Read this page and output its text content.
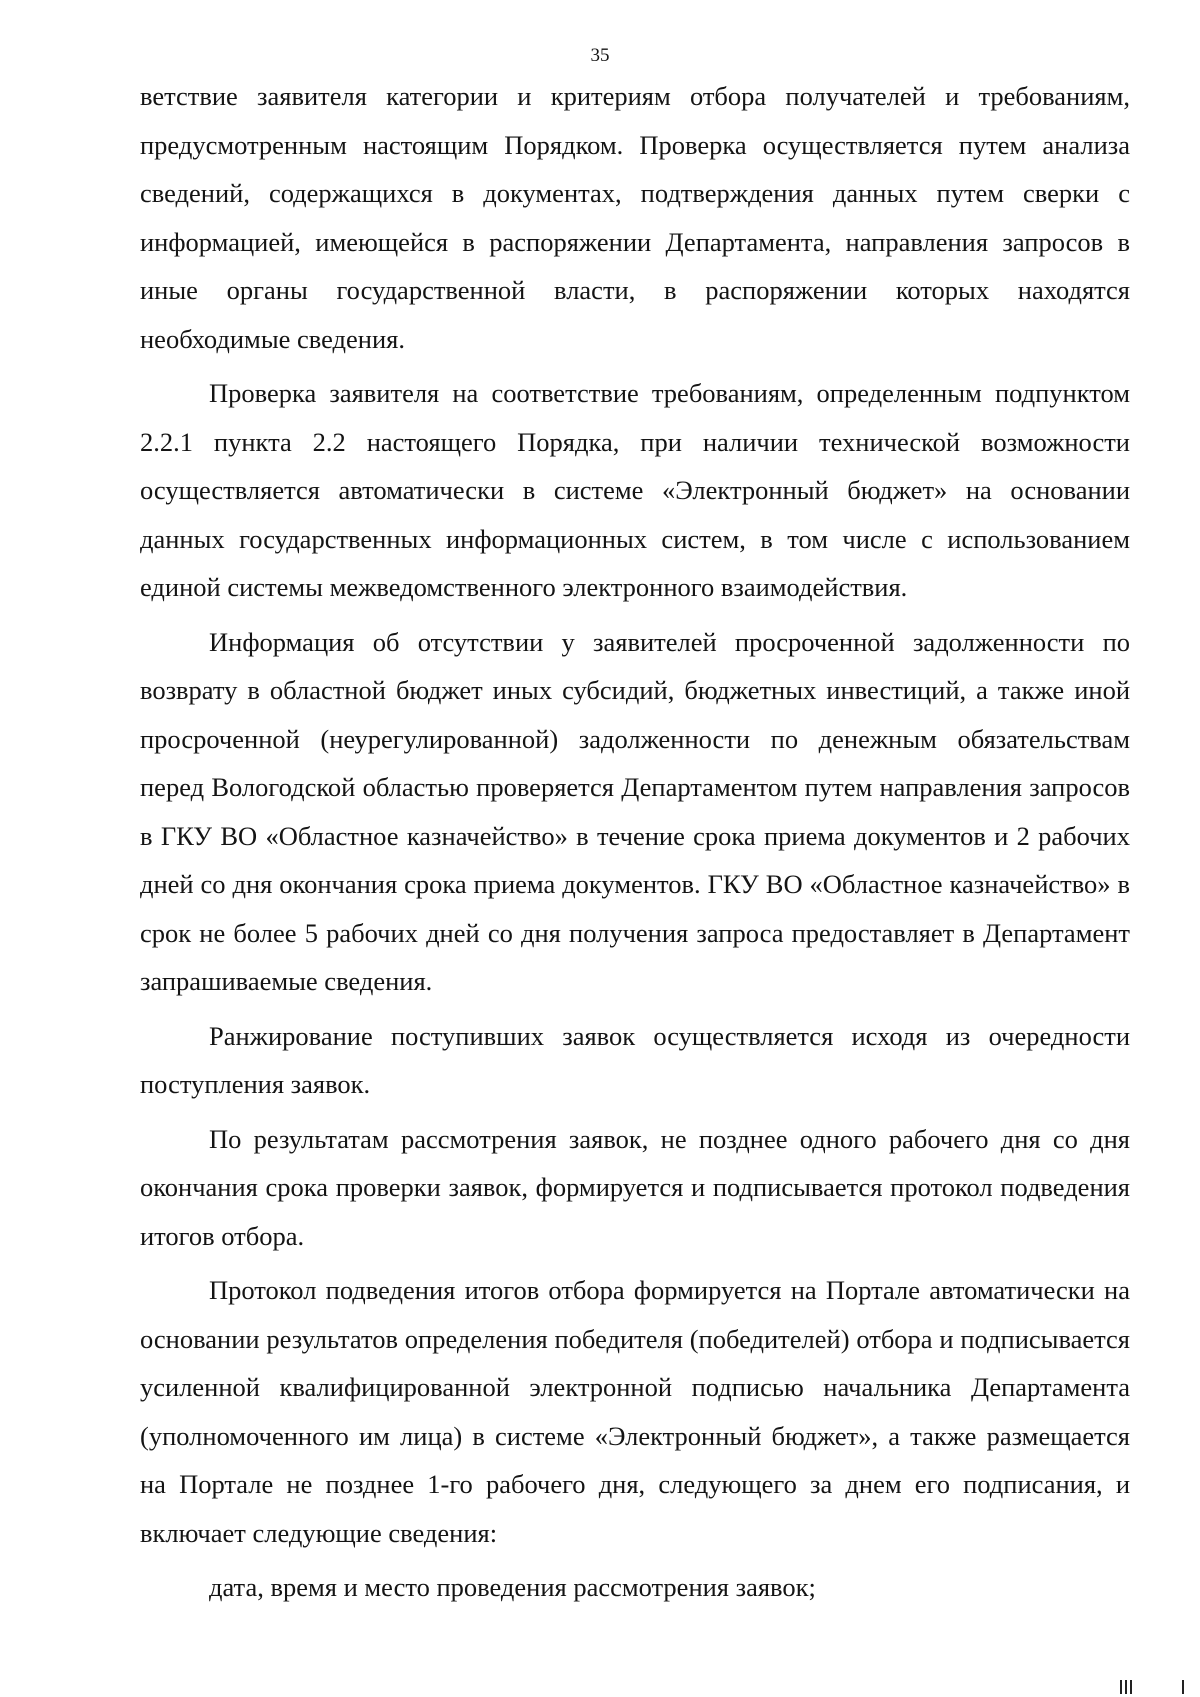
35

ветствие заявителя категории и критериям отбора получателей и требованиям, предусмотренным настоящим Порядком. Проверка осуществляется путем анализа сведений, содержащихся в документах, подтверждения данных путем сверки с информацией, имеющейся в распоряжении Департамента, направления запросов в иные органы государственной власти, в распоряжении которых находятся необходимые сведения.

Проверка заявителя на соответствие требованиям, определенным подпунктом 2.2.1 пункта 2.2 настоящего Порядка, при наличии технической возможности осуществляется автоматически в системе «Электронный бюджет» на основании данных государственных информационных систем, в том числе с использованием единой системы межведомственного электронного взаимодействия.

Информация об отсутствии у заявителей просроченной задолженности по возврату в областной бюджет иных субсидий, бюджетных инвестиций, а также иной просроченной (неурегулированной) задолженности по денежным обязательствам перед Вологодской областью проверяется Департаментом путем направления запросов в ГКУ ВО «Областное казначейство» в течение срока приема документов и 2 рабочих дней со дня окончания срока приема документов. ГКУ ВО «Областное казначейство» в срок не более 5 рабочих дней со дня получения запроса предоставляет в Департамент запрашиваемые сведения.

Ранжирование поступивших заявок осуществляется исходя из очередности поступления заявок.

По результатам рассмотрения заявок, не позднее одного рабочего дня со дня окончания срока проверки заявок, формируется и подписывается протокол подведения итогов отбора.

Протокол подведения итогов отбора формируется на Портале автоматически на основании результатов определения победителя (победителей) отбора и подписывается усиленной квалифицированной электронной подписью начальника Департамента (уполномоченного им лица) в системе «Электронный бюджет», а также размещается на Портале не позднее 1-го рабочего дня, следующего за днем его подписания, и включает следующие сведения:

дата, время и место проведения рассмотрения заявок;
